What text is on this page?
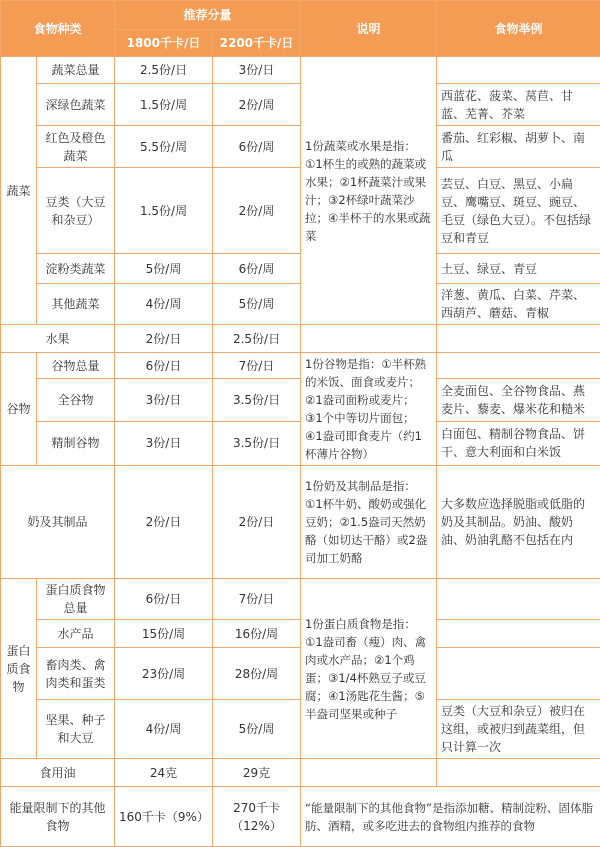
食物种类		推荐分量		说明	食物举例
		1800千卡/日	2200千卡/日		
蔬菜	蔬菜总量	2.5份/日	3份/日	1份蔬菜或水果是指：①1杯生的或熟的蔬菜或水果；②1杯蔬菜汁或果汁；③2杯绿叶蔬菜沙拉；④半杯干的水果或蔬菜	
	深绿色蔬菜	1.5份/周	2份/周		西蓝花、菠菜、莴苣、甘蓝、芜菁、芥菜
	红色及橙色蔬菜	5.5份/周	6份/周		番茄、红彩椒、胡萝卜、南瓜
	豆类（大豆和杂豆）	1.5份/周	2份/周		芸豆、白豆、黑豆、小扁豆、鹰嘴豆、斑豆、豌豆、毛豆（绿色大豆）。不包括绿豆和青豆
	淀粉类蔬菜	5份/周	6份/周		土豆、绿豆、青豆
	其他蔬菜	4份/周	5份/周		洋葱、黄瓜、白菜、芹菜、西葫芦、蘑菇、青椒
水果		2份/日	2.5份/日		
谷物	谷物总量	6份/日	7份/日	1份谷物是指：①半杯熟的米饭、面食或麦片；②1盎司面粉或麦片；③1个中等切片面包；④1盎司即食麦片（约1杯薄片谷物）	
	全谷物	3份/日	3.5份/日		全麦面包、全谷物食品、燕麦片、藜麦、爆米花和糙米
	精制谷物	3份/日	3.5份/日		白面包、精制谷物食品、饼干、意大利面和白米饭
奶及其制品		2份/日	2份/日	1份奶及其制品是指：①1杯牛奶、酸奶或强化豆奶；②1.5盎司天然奶酪（如切达干酪）或2盎司加工奶酪	大多数应选择脱脂或低脂的奶及其制品。奶油、酸奶油、奶油乳酪不包括在内
蛋白质食物	蛋白质食物总量	6份/日	7份/日	1份蛋白质食物是指：①1盎司畜（瘦）肉、禽肉或水产品；②1个鸡蛋；③1/4杯熟豆子或豆腐；④1汤匙花生酱；⑤半盎司坚果或种子	
	水产品	15份/周	16份/周		
	畜肉类、禽肉类和蛋类	23份/周	28份/周		
	坚果、种子和大豆	4份/周	5份/周		豆类（大豆和杂豆）被归在这组，或被归到蔬菜组，但只计算一次
食用油		24克	29克		
能量限制下的其他食物		160千卡（9%）	270千卡（12%）	“能量限制下的其他食物”是指添加糖、精制淀粉、固体脂肪、酒精，或多吃进去的食物组内推荐的食物	
